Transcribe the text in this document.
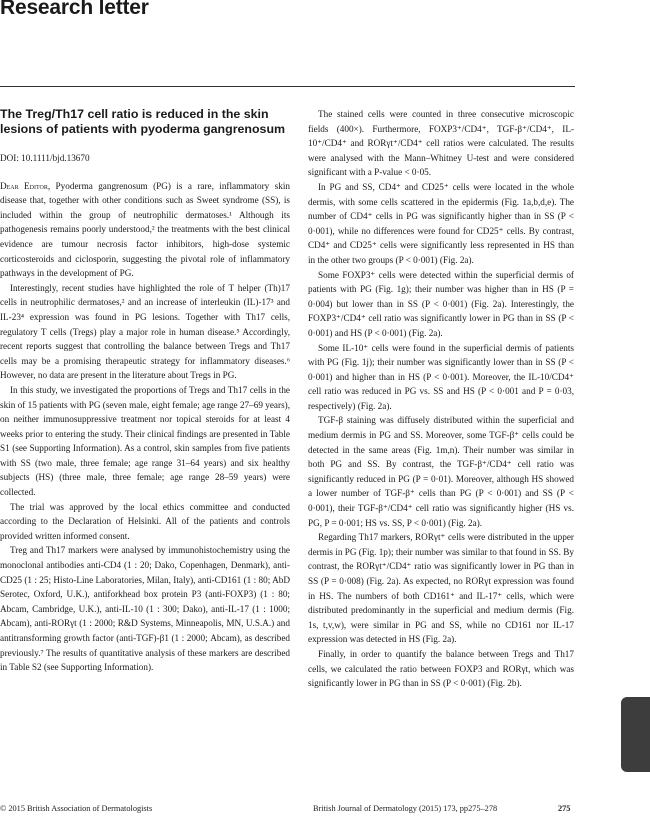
Research letter
The Treg/Th17 cell ratio is reduced in the skin lesions of patients with pyoderma gangrenosum
DOI: 10.1111/bjd.13670

Dear Editor, Pyoderma gangrenosum (PG) is a rare, inflammatory skin disease that, together with other conditions such as Sweet syndrome (SS), is included within the group of neutrophilic dermatoses.¹ Although its pathogenesis remains poorly understood,² the treatments with the best clinical evidence are tumour necrosis factor inhibitors, high-dose systemic corticosteroids and ciclosporin, suggesting the pivotal role of inflammatory pathways in the development of PG.

Interestingly, recent studies have highlighted the role of T helper (Th)17 cells in neutrophilic dermatoses,² and an increase of interleukin (IL)-17³ and IL-23⁴ expression was found in PG lesions. Together with Th17 cells, regulatory T cells (Tregs) play a major role in human disease.⁵ Accordingly, recent reports suggest that controlling the balance between Tregs and Th17 cells may be a promising therapeutic strategy for inflammatory diseases.⁶ However, no data are present in the literature about Tregs in PG.

In this study, we investigated the proportions of Tregs and Th17 cells in the skin of 15 patients with PG (seven male, eight female; age range 27–69 years), on neither immunosuppressive treatment nor topical steroids for at least 4 weeks prior to entering the study. Their clinical findings are presented in Table S1 (see Supporting Information). As a control, skin samples from five patients with SS (two male, three female; age range 31–64 years) and six healthy subjects (HS) (three male, three female; age range 28–59 years) were collected.

The trial was approved by the local ethics committee and conducted according to the Declaration of Helsinki. All of the patients and controls provided written informed consent.

Treg and Th17 markers were analysed by immunohistochemistry using the monoclonal antibodies anti-CD4 (1 : 20; Dako, Copenhagen, Denmark), anti-CD25 (1 : 25; Histo-Line Laboratories, Milan, Italy), anti-CD161 (1 : 80; AbD Serotec, Oxford, U.K.), antiforkhead box protein P3 (anti-FOXP3) (1 : 80; Abcam, Cambridge, U.K.), anti-IL-10 (1 : 300; Dako), anti-IL-17 (1 : 1000; Abcam), anti-RORγt (1 : 2000; R&D Systems, Minneapolis, MN, U.S.A.) and antitransforming growth factor (anti-TGF)-β1 (1 : 2000; Abcam), as described previously.⁷ The results of quantitative analysis of these markers are described in Table S2 (see Supporting Information).

The stained cells were counted in three consecutive microscopic fields (400×). Furthermore, FOXP3⁺/CD4⁺, TGF-β⁺/CD4⁺, IL-10⁺/CD4⁺ and RORγt⁺/CD4⁺ cell ratios were calculated. The results were analysed with the Mann–Whitney U-test and were considered significant with a P-value < 0·05.

In PG and SS, CD4⁺ and CD25⁺ cells were located in the whole dermis, with some cells scattered in the epidermis (Fig. 1a,b,d,e). The number of CD4⁺ cells in PG was significantly higher than in SS (P < 0·001), while no differences were found for CD25⁺ cells. By contrast, CD4⁺ and CD25⁺ cells were significantly less represented in HS than in the other two groups (P < 0·001) (Fig. 2a).

Some FOXP3⁺ cells were detected within the superficial dermis of patients with PG (Fig. 1g); their number was higher than in HS (P = 0·004) but lower than in SS (P < 0·001) (Fig. 2a). Interestingly, the FOXP3⁺/CD4⁺ cell ratio was significantly lower in PG than in SS (P < 0·001) and HS (P < 0·001) (Fig. 2a).

Some IL-10⁺ cells were found in the superficial dermis of patients with PG (Fig. 1j); their number was significantly lower than in SS (P < 0·001) and higher than in HS (P < 0·001). Moreover, the IL-10/CD4⁺ cell ratio was reduced in PG vs. SS and HS (P < 0·001 and P = 0·03, respectively) (Fig. 2a).

TGF-β staining was diffusely distributed within the superficial and medium dermis in PG and SS. Moreover, some TGF-β⁺ cells could be detected in the same areas (Fig. 1m,n). Their number was similar in both PG and SS. By contrast, the TGF-β⁺/CD4⁺ cell ratio was significantly reduced in PG (P = 0·01). Moreover, although HS showed a lower number of TGF-β⁺ cells than PG (P < 0·001) and SS (P < 0·001), their TGF-β⁺/CD4⁺ cell ratio was significantly higher (HS vs. PG, P = 0·001; HS vs. SS, P < 0·001) (Fig. 2a).

Regarding Th17 markers, RORγt⁺ cells were distributed in the upper dermis in PG (Fig. 1p); their number was similar to that found in SS. By contrast, the RORγt⁺/CD4⁺ ratio was significantly lower in PG than in SS (P = 0·008) (Fig. 2a). As expected, no RORγt expression was found in HS. The numbers of both CD161⁺ and IL-17⁺ cells, which were distributed predominantly in the superficial and medium dermis (Fig. 1s, t,v,w), were similar in PG and SS, while no CD161 nor IL-17 expression was detected in HS (Fig. 2a).

Finally, in order to quantify the balance between Tregs and Th17 cells, we calculated the ratio between FOXP3 and RORγt, which was significantly lower in PG than in SS (P < 0·001) (Fig. 2b).

© 2015 British Association of Dermatologists	British Journal of Dermatology (2015) 173, pp275–278	275
